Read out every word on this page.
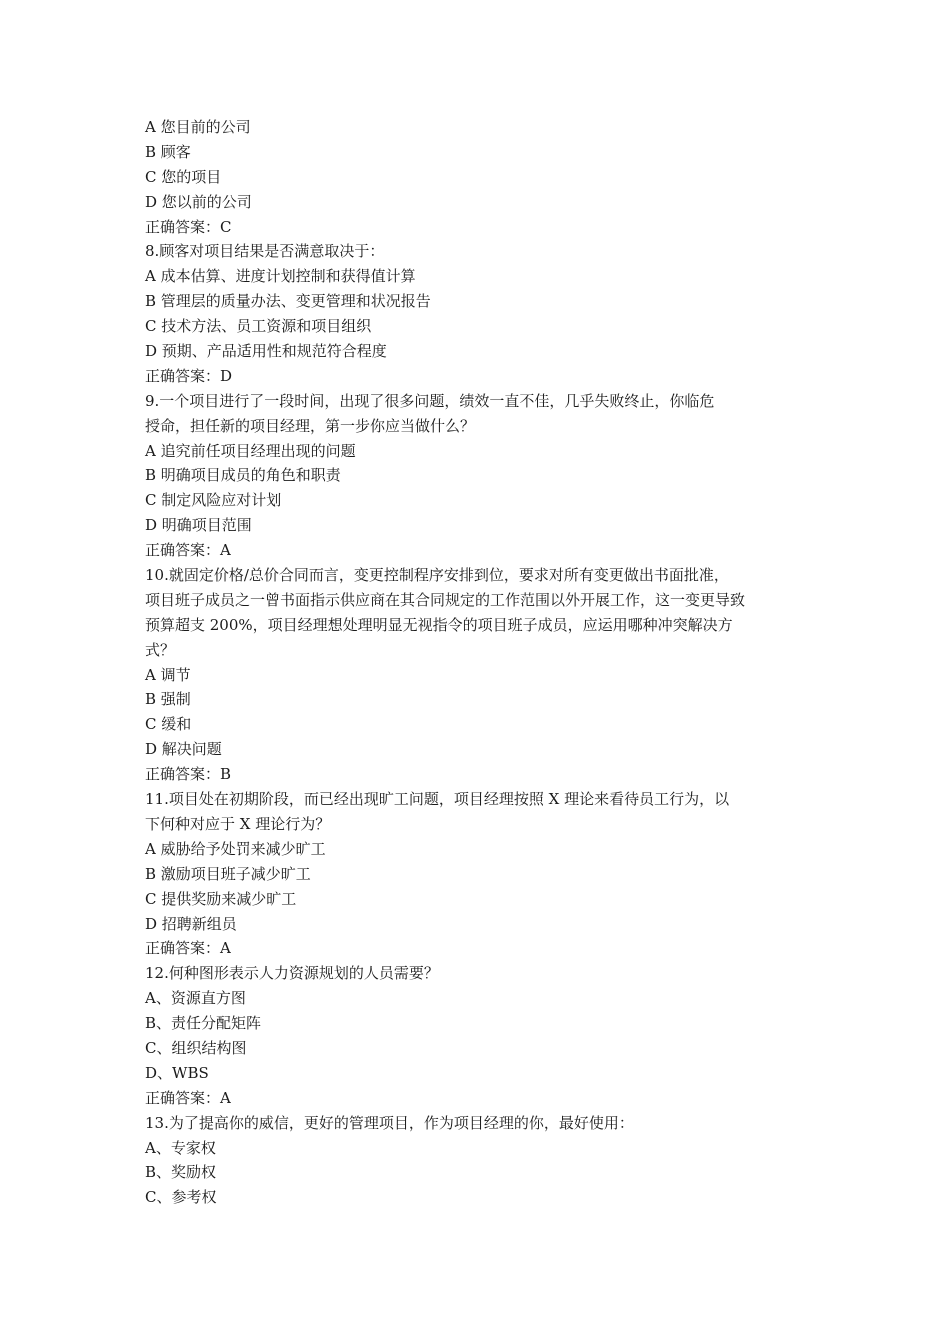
A 您目前的公司
B 顾客
C 您的项目
D 您以前的公司
正确答案：C
8.顾客对项目结果是否满意取决于：
A 成本估算、进度计划控制和获得值计算
B 管理层的质量办法、变更管理和状况报告
C 技术方法、员工资源和项目组织
D 预期、产品适用性和规范符合程度
正确答案：D
9.一个项目进行了一段时间，出现了很多问题，绩效一直不佳，几乎失败终止，你临危
授命，担任新的项目经理，第一步你应当做什么？
A 追究前任项目经理出现的问题
B 明确项目成员的角色和职责
C 制定风险应对计划
D 明确项目范围
正确答案：A
10.就固定价格/总价合同而言，变更控制程序安排到位，要求对所有变更做出书面批准，
项目班子成员之一曾书面指示供应商在其合同规定的工作范围以外开展工作，这一变更导致
预算超支 200%，项目经理想处理明显无视指令的项目班子成员，应运用哪种冲突解决方
式？
A 调节
B 强制
C 缓和
D 解决问题
正确答案：B
11.项目处在初期阶段，而已经出现旷工问题，项目经理按照 X 理论来看待员工行为，以
下何种对应于 X 理论行为？
A 威胁给予处罚来减少旷工
B 激励项目班子减少旷工
C 提供奖励来减少旷工
D 招聘新组员
正确答案：A
12.何种图形表示人力资源规划的人员需要？
A、资源直方图
B、责任分配矩阵
C、组织结构图
D、WBS
正确答案：A
13.为了提高你的威信，更好的管理项目，作为项目经理的你，最好使用：
A、专家权
B、奖励权
C、参考权
